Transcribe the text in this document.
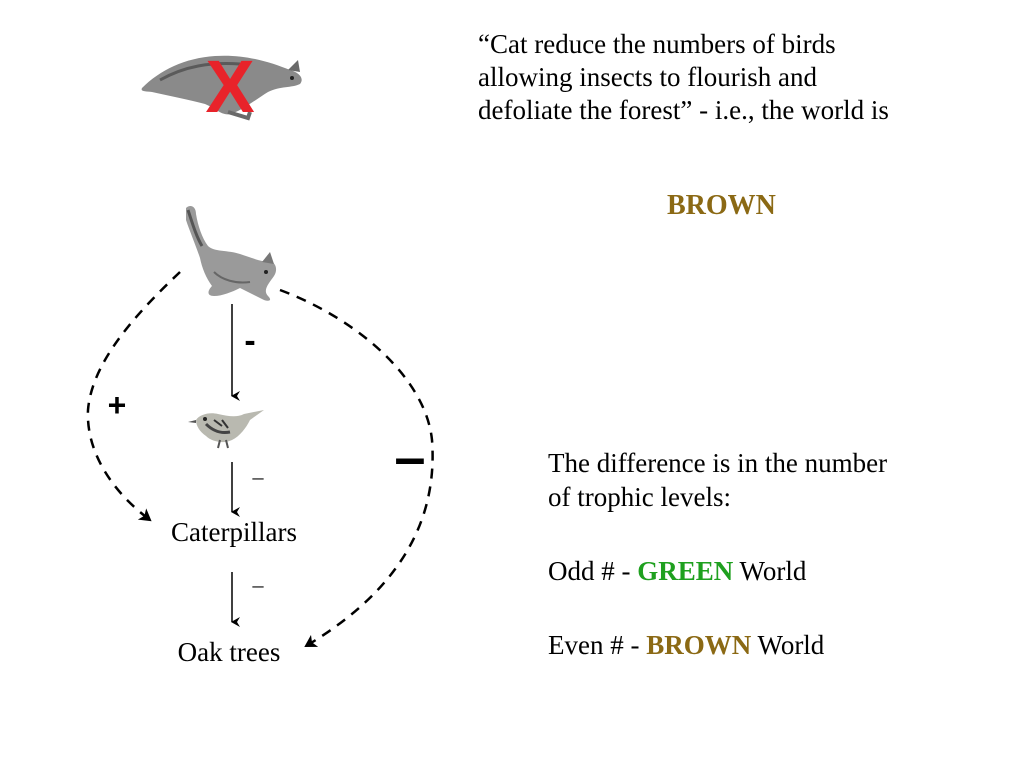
“Cat reduce the numbers of birds
allowing insects to flourish and
defoliate the forest” - i.e., the world is
BROWN
The difference is in the number
of trophic levels:
Odd # - GREEN World
Even # - BROWN World
X
-
–
–
+
–
Caterpillars
Oak trees
